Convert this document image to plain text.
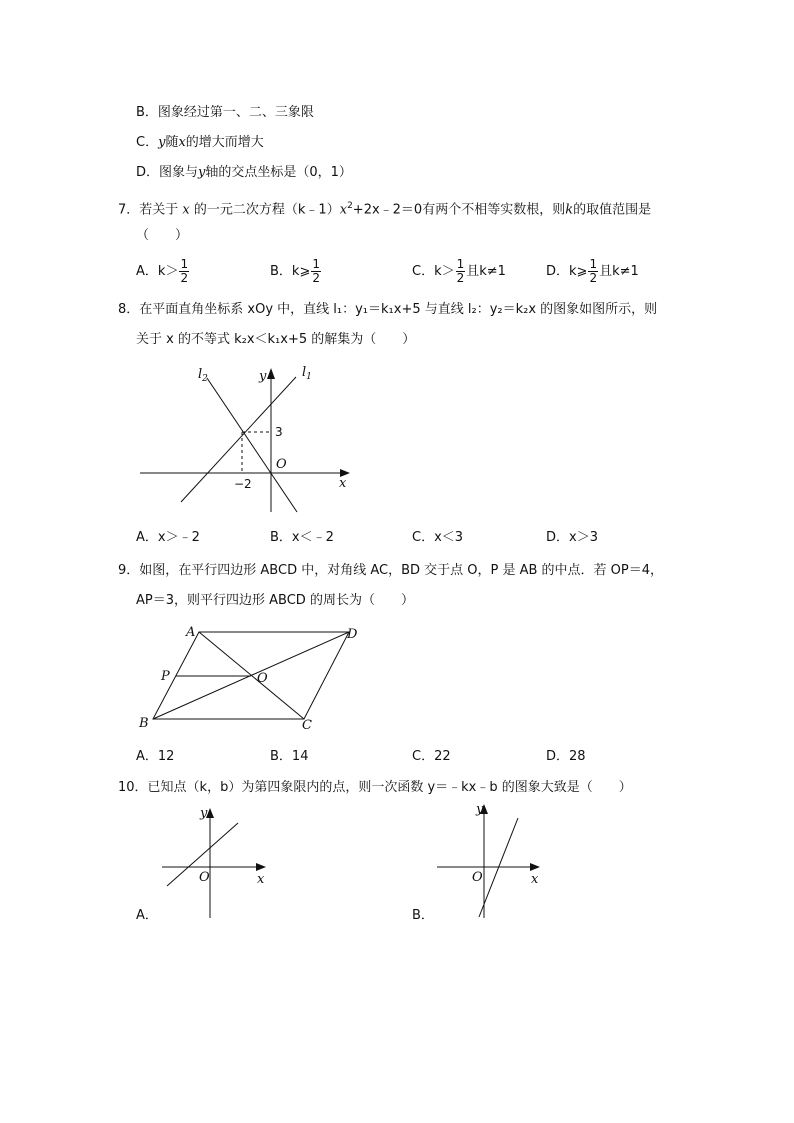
B．图象经过第一、二、三象限
C．y随x的增大而增大
D．图象与y轴的交点坐标是（0，1）
7．若关于 x 的一元二次方程$(k﹣1)x^2+2x﹣2=0$有两个不相等实数根，则k的取值范围是
（　　）
A．$k> \frac{1}{2}$	B．k⩾ $\frac{1}{2}$	C．$k> \frac{1}{2}$ 且k≠1	D．k⩾ $\frac{1}{2}$ 且k≠1
8．在平面直角坐标系 xOy 中，直线 l₁：y₁＝k₁x+5 与直线 l₂：y₂＝k₂x 的图象如图所示，则
关于 x 的不等式 k₂x＜k₁x+5 的解集为（　　）
$l_2$	$l_1$
y
x
O
3
−2
A．x＞﹣2	B．x＜﹣2	C．x＜3	D．x＞3
9．如图，在平行四边形 ABCD 中，对角线 AC，BD 交于点 O，P 是 AB 的中点．若 OP＝4，
AP＝3，则平行四边形 ABCD 的周长为（　　）
A	D
P	O
B	C
A．12	B．14	C．22	D．28
10．已知点（k，b）为第四象限内的点，则一次函数 y＝﹣kx﹣b 的图象大致是（　　）
y
x
O
A．
y
x
O
B．
